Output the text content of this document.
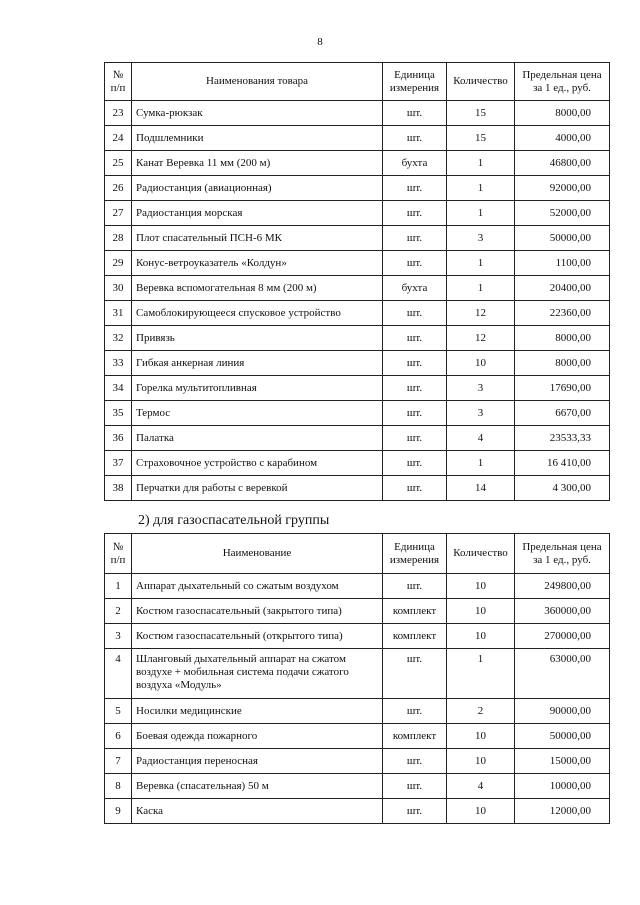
8
№ п/п	Наименования товара	Единица измерения	Количество	Предельная цена за 1 ед., руб.
23	Сумка-рюкзак	шт.	15	8000,00
24	Подшлемники	шт.	15	4000,00
25	Канат Веревка 11 мм (200 м)	бухта	1	46800,00
26	Радиостанция (авиационная)	шт.	1	92000,00
27	Радиостанция морская	шт.	1	52000,00
28	Плот спасательный ПСН-6 МК	шт.	3	50000,00
29	Конус-ветроуказатель «Колдун»	шт.	1	1100,00
30	Веревка вспомогательная 8 мм (200 м)	бухта	1	20400,00
31	Самоблокирующееся спусковое устройство	шт.	12	22360,00
32	Привязь	шт.	12	8000,00
33	Гибкая анкерная линия	шт.	10	8000,00
34	Горелка мультитопливная	шт.	3	17690,00
35	Термос	шт.	3	6670,00
36	Палатка	шт.	4	23533,33
37	Страховочное устройство с карабином	шт.	1	16 410,00
38	Перчатки для работы с веревкой	шт.	14	4 300,00
2) для газоспасательной группы
№ п/п	Наименование	Единица измерения	Количество	Предельная цена за 1 ед., руб.
1	Аппарат дыхательный со сжатым воздухом	шт.	10	249800,00
2	Костюм газоспасательный (закрытого типа)	комплект	10	360000,00
3	Костюм газоспасательный (открытого типа)	комплект	10	270000,00
4	Шланговый дыхательный аппарат на сжатом воздухе + мобильная система подачи сжатого воздуха «Модуль»	шт.	1	63000,00
5	Носилки медицинские	шт.	2	90000,00
6	Боевая одежда пожарного	комплект	10	50000,00
7	Радиостанция переносная	шт.	10	15000,00
8	Веревка (спасательная) 50 м	шт.	4	10000,00
9	Каска	шт.	10	12000,00
